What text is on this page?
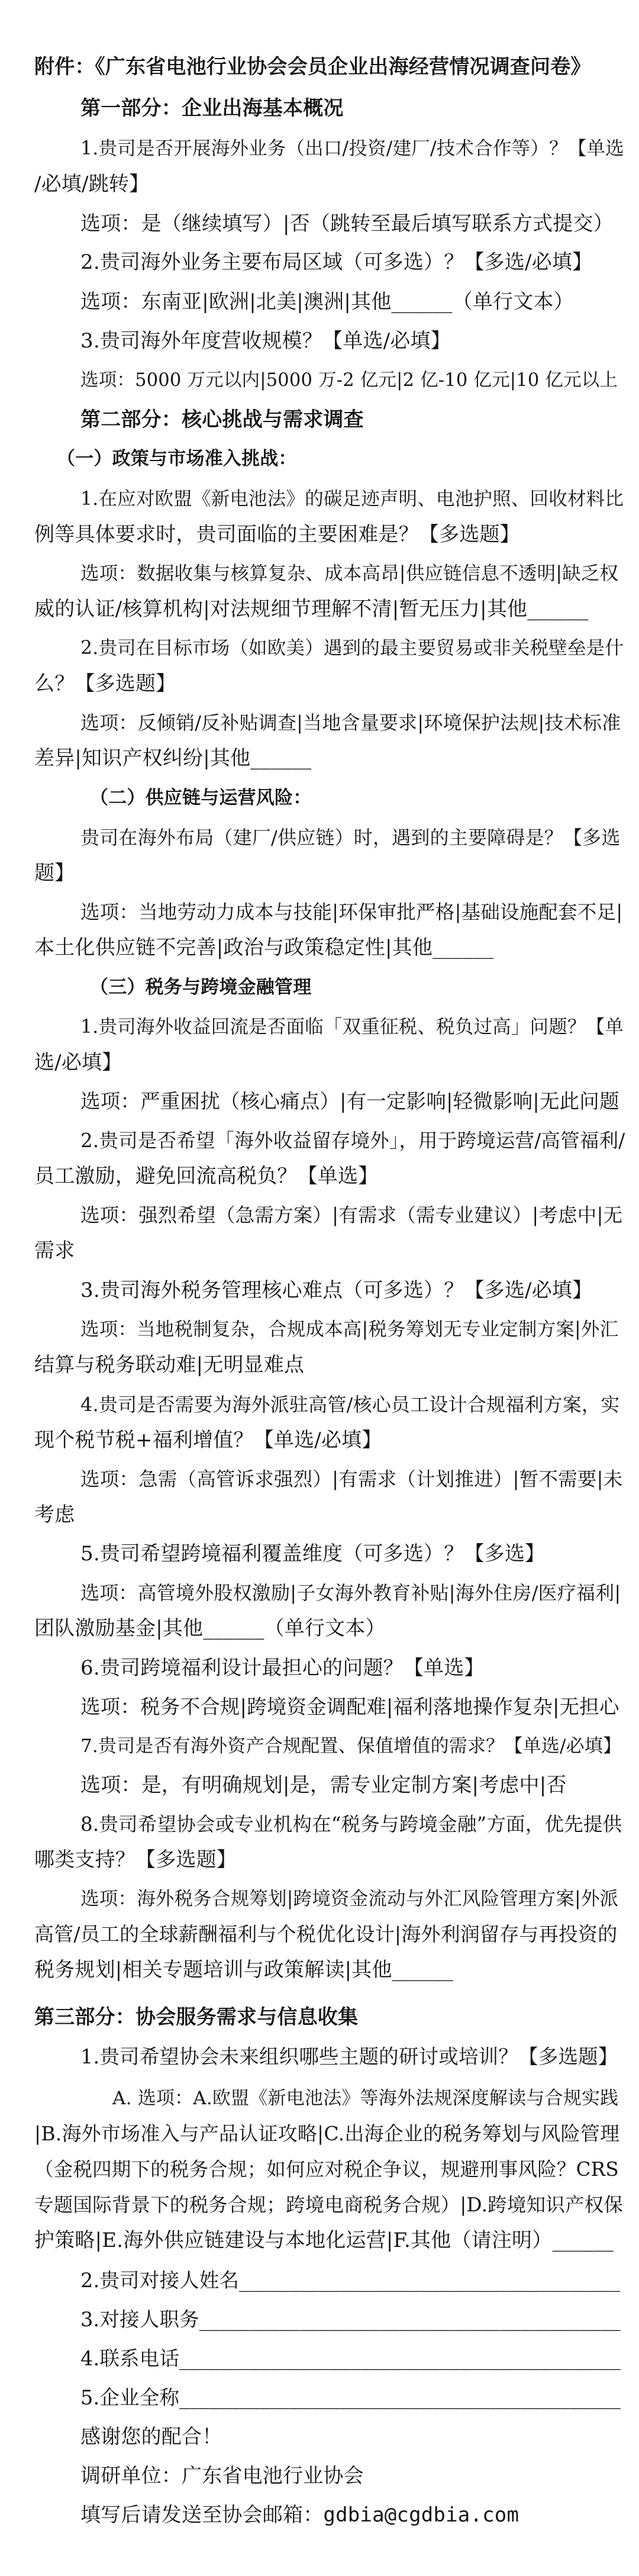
附件：《广东省电池行业协会会员企业出海经营情况调查问卷》
第一部分：企业出海基本概况
1.贵司是否开展海外业务（出口/投资/建厂/技术合作等）？【单选
/必填/跳转】
选项：是（继续填写）|否（跳转至最后填写联系方式提交）
2.贵司海外业务主要布局区域（可多选）？【多选/必填】
选项：东南亚|欧洲|北美|澳洲|其他______（单行文本）
3.贵司海外年度营收规模？【单选/必填】
选项：5000 万元以内|5000 万-2 亿元|2 亿-10 亿元|10 亿元以上
第二部分：核心挑战与需求调查
（一）政策与市场准入挑战：
1.在应对欧盟《新电池法》的碳足迹声明、电池护照、回收材料比
例等具体要求时，贵司面临的主要困难是？【多选题】
选项：数据收集与核算复杂、成本高昂|供应链信息不透明|缺乏权
威的认证/核算机构|对法规细节理解不清|暂无压力|其他______
2.贵司在目标市场（如欧美）遇到的最主要贸易或非关税壁垒是什
么？【多选题】
选项：反倾销/反补贴调查|当地含量要求|环境保护法规|技术标准
差异|知识产权纠纷|其他______
（二）供应链与运营风险：
贵司在海外布局（建厂/供应链）时，遇到的主要障碍是？【多选
题】
选项：当地劳动力成本与技能|环保审批严格|基础设施配套不足|
本土化供应链不完善|政治与政策稳定性|其他______
（三）税务与跨境金融管理
1.贵司海外收益回流是否面临「双重征税、税负过高」问题？【单
选/必填】
选项：严重困扰（核心痛点）|有一定影响|轻微影响|无此问题
2.贵司是否希望「海外收益留存境外」，用于跨境运营/高管福利/
员工激励，避免回流高税负？【单选】
选项：强烈希望（急需方案）|有需求（需专业建议）|考虑中|无
需求
3.贵司海外税务管理核心难点（可多选）？【多选/必填】
选项：当地税制复杂，合规成本高|税务筹划无专业定制方案|外汇
结算与税务联动难|无明显难点
4.贵司是否需要为海外派驻高管/核心员工设计合规福利方案，实
现个税节税+福利增值？【单选/必填】
选项：急需（高管诉求强烈）|有需求（计划推进）|暂不需要|未
考虑
5.贵司希望跨境福利覆盖维度（可多选）？【多选】
选项：高管境外股权激励|子女海外教育补贴|海外住房/医疗福利|
团队激励基金|其他______（单行文本）
6.贵司跨境福利设计最担心的问题？【单选】
选项：税务不合规|跨境资金调配难|福利落地操作复杂|无担心
7.贵司是否有海外资产合规配置、保值增值的需求？【单选/必填】
选项：是，有明确规划|是，需专业定制方案|考虑中|否
8.贵司希望协会或专业机构在“税务与跨境金融”方面，优先提供
哪类支持？【多选题】
选项：海外税务合规筹划|跨境资金流动与外汇风险管理方案|外派
高管/员工的全球薪酬福利与个税优化设计|海外利润留存与再投资的
税务规划|相关专题培训与政策解读|其他______
第三部分：协会服务需求与信息收集
1.贵司希望协会未来组织哪些主题的研讨或培训？【多选题】
A. 选项：A.欧盟《新电池法》等海外法规深度解读与合规实践
|B.海外市场准入与产品认证攻略|C.出海企业的税务筹划与风险管理
（金税四期下的税务合规；如何应对税企争议，规避刑事风险？CRS
专题国际背景下的税务合规；跨境电商税务合规）|D.跨境知识产权保
护策略|E.海外供应链建设与本地化运营|F.其他（请注明）______
2.贵司对接人姓名______________________________________
3.对接人职务__________________________________________
4.联系电话____________________________________________
5.企业全称____________________________________________
感谢您的配合！
调研单位：广东省电池行业协会
填写后请发送至协会邮箱：gdbia@cgdbia.com
